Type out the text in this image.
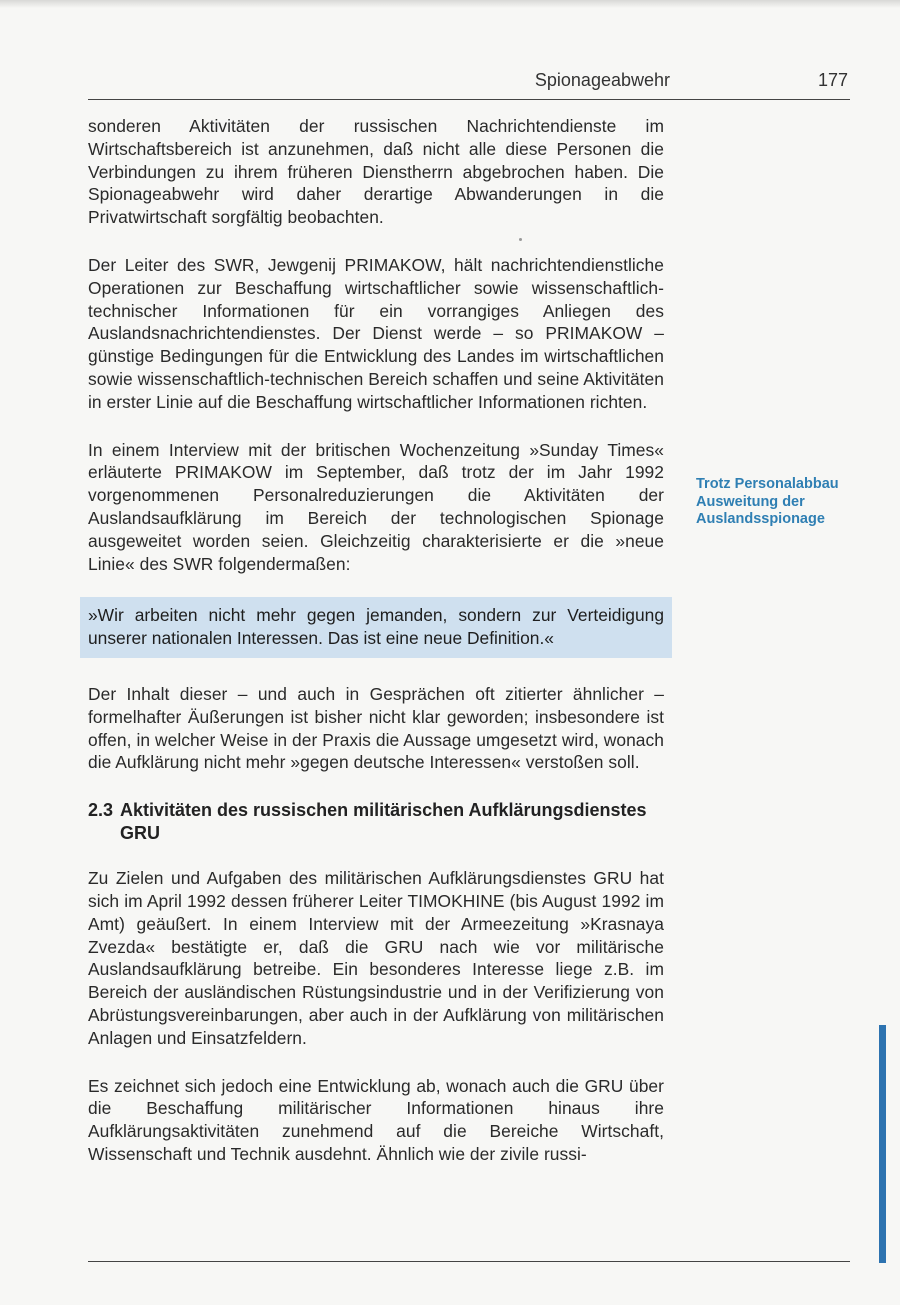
Spionageabwehr	177

sonderen Aktivitäten der russischen Nachrichtendienste im Wirtschaftsbereich ist anzunehmen, daß nicht alle diese Personen die Verbindungen zu ihrem früheren Dienstherrn abgebrochen haben. Die Spionageabwehr wird daher derartige Abwanderungen in die Privatwirtschaft sorgfältig beobachten.

Der Leiter des SWR, Jewgenij PRIMAKOW, hält nachrichtendienstliche Operationen zur Beschaffung wirtschaftlicher sowie wissenschaftlich-technischer Informationen für ein vorrangiges Anliegen des Auslandsnachrichtendienstes. Der Dienst werde – so PRIMAKOW – günstige Bedingungen für die Entwicklung des Landes im wirtschaftlichen sowie wissenschaftlich-technischen Bereich schaffen und seine Aktivitäten in erster Linie auf die Beschaffung wirtschaftlicher Informationen richten.

In einem Interview mit der britischen Wochenzeitung »Sunday Times« erläuterte PRIMAKOW im September, daß trotz der im Jahr 1992 vorgenommenen Personalreduzierungen die Aktivitäten der Auslandsaufklärung im Bereich der technologischen Spionage ausgeweitet worden seien. Gleichzeitig charakterisierte er die »neue Linie« des SWR folgendermaßen:

»Wir arbeiten nicht mehr gegen jemanden, sondern zur Verteidigung unserer nationalen Interessen. Das ist eine neue Definition.«

Der Inhalt dieser – und auch in Gesprächen oft zitierter ähnlicher – formelhafter Äußerungen ist bisher nicht klar geworden; insbesondere ist offen, in welcher Weise in der Praxis die Aussage umgesetzt wird, wonach die Aufklärung nicht mehr »gegen deutsche Interessen« verstoßen soll.

2.3 Aktivitäten des russischen militärischen Aufklärungsdienstes GRU

Zu Zielen und Aufgaben des militärischen Aufklärungsdienstes GRU hat sich im April 1992 dessen früherer Leiter TIMOKHINE (bis August 1992 im Amt) geäußert. In einem Interview mit der Armeezeitung »Krasnaya Zvezda« bestätigte er, daß die GRU nach wie vor militärische Auslandsaufklärung betreibe. Ein besonderes Interesse liege z.B. im Bereich der ausländischen Rüstungsindustrie und in der Verifizierung von Abrüstungsvereinbarungen, aber auch in der Aufklärung von militärischen Anlagen und Einsatzfeldern.

Es zeichnet sich jedoch eine Entwicklung ab, wonach auch die GRU über die Beschaffung militärischer Informationen hinaus ihre Aufklärungsaktivitäten zunehmend auf die Bereiche Wirtschaft, Wissenschaft und Technik ausdehnt. Ähnlich wie der zivile russi-

Trotz Personalabbau Ausweitung der Auslandsspionage
